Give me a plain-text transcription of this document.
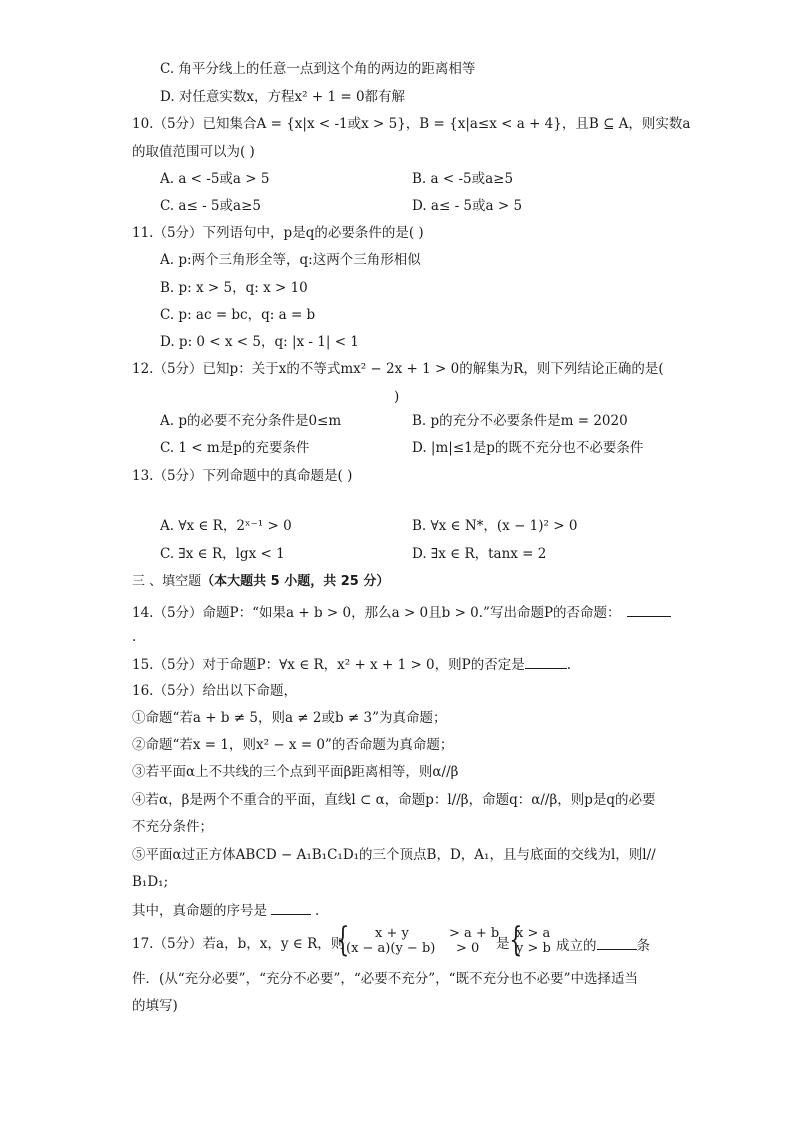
C. 角平分线上的任意一点到这个角的两边的距离相等
D. 对任意实数x，方程x² + 1 = 0都有解
10.（5分）已知集合A = {x|x < -1或x > 5}，B = {x|a≤x < a + 4}，且B ⊆ A，则实数a
的取值范围可以为( )
A. a < -5或a > 5	B. a < -5或a≥5
C. a≤ - 5或a≥5	D. a≤ - 5或a > 5
11.（5分）下列语句中，p是q的必要条件的是( )
A. p:两个三角形全等，q:这两个三角形相似
B. p: x > 5，q: x > 10
C. p: ac = bc，q: a = b
D. p: 0 < x < 5，q: |x - 1| < 1
12.（5分）已知p：关于x的不等式mx² − 2x + 1 > 0的解集为R，则下列结论正确的是(
)
A. p的必要不充分条件是0≤m	B. p的充分不必要条件是m = 2020
C. 1 < m是p的充要条件	D. |m|≤1是p的既不充分也不必要条件
13.（5分）下列命题中的真命题是( )
A. ∀x ∈ R，2ˣ⁻¹ > 0	B. ∀x ∈ N*，(x − 1)² > 0
C. ∃x ∈ R，lgx < 1	D. ∃x ∈ R，tanx = 2
三 、填空题（本大题共 5 小题，共 25 分）
14.（5分）命题P：“如果a + b > 0，那么a > 0且b > 0.”写出命题P的否命题：
.
15.（5分）对于命题P：∀x ∈ R，x² + x + 1 > 0，则P的否定是	.
16.（5分）给出以下命题，
①命题“若a + b ≠ 5，则a ≠ 2或b ≠ 3”为真命题；
②命题“若x = 1，则x² − x = 0”的否命题为真命题；
③若平面α上不共线的三个点到平面β距离相等，则α//β
④若α，β是两个不重合的平面，直线l ⊂ α，命题p：l//β，命题q：α//β，则p是q的必要
不充分条件；
⑤平面α过正方体ABCD − A₁B₁C₁D₁的三个顶点B，D，A₁，且与底面的交线为l，则l//
B₁D₁;
其中，真命题的序号是	.
17.（5分）若a，b，x，y ∈ R，则
{ x + y	> a + b
(x − a)(y − b) > 0 是 {
x > a
y > b 成立的	条
件．(从“充分必要”，“充分不必要”，“必要不充分”，“既不充分也不必要”中选择适当
的填写)
